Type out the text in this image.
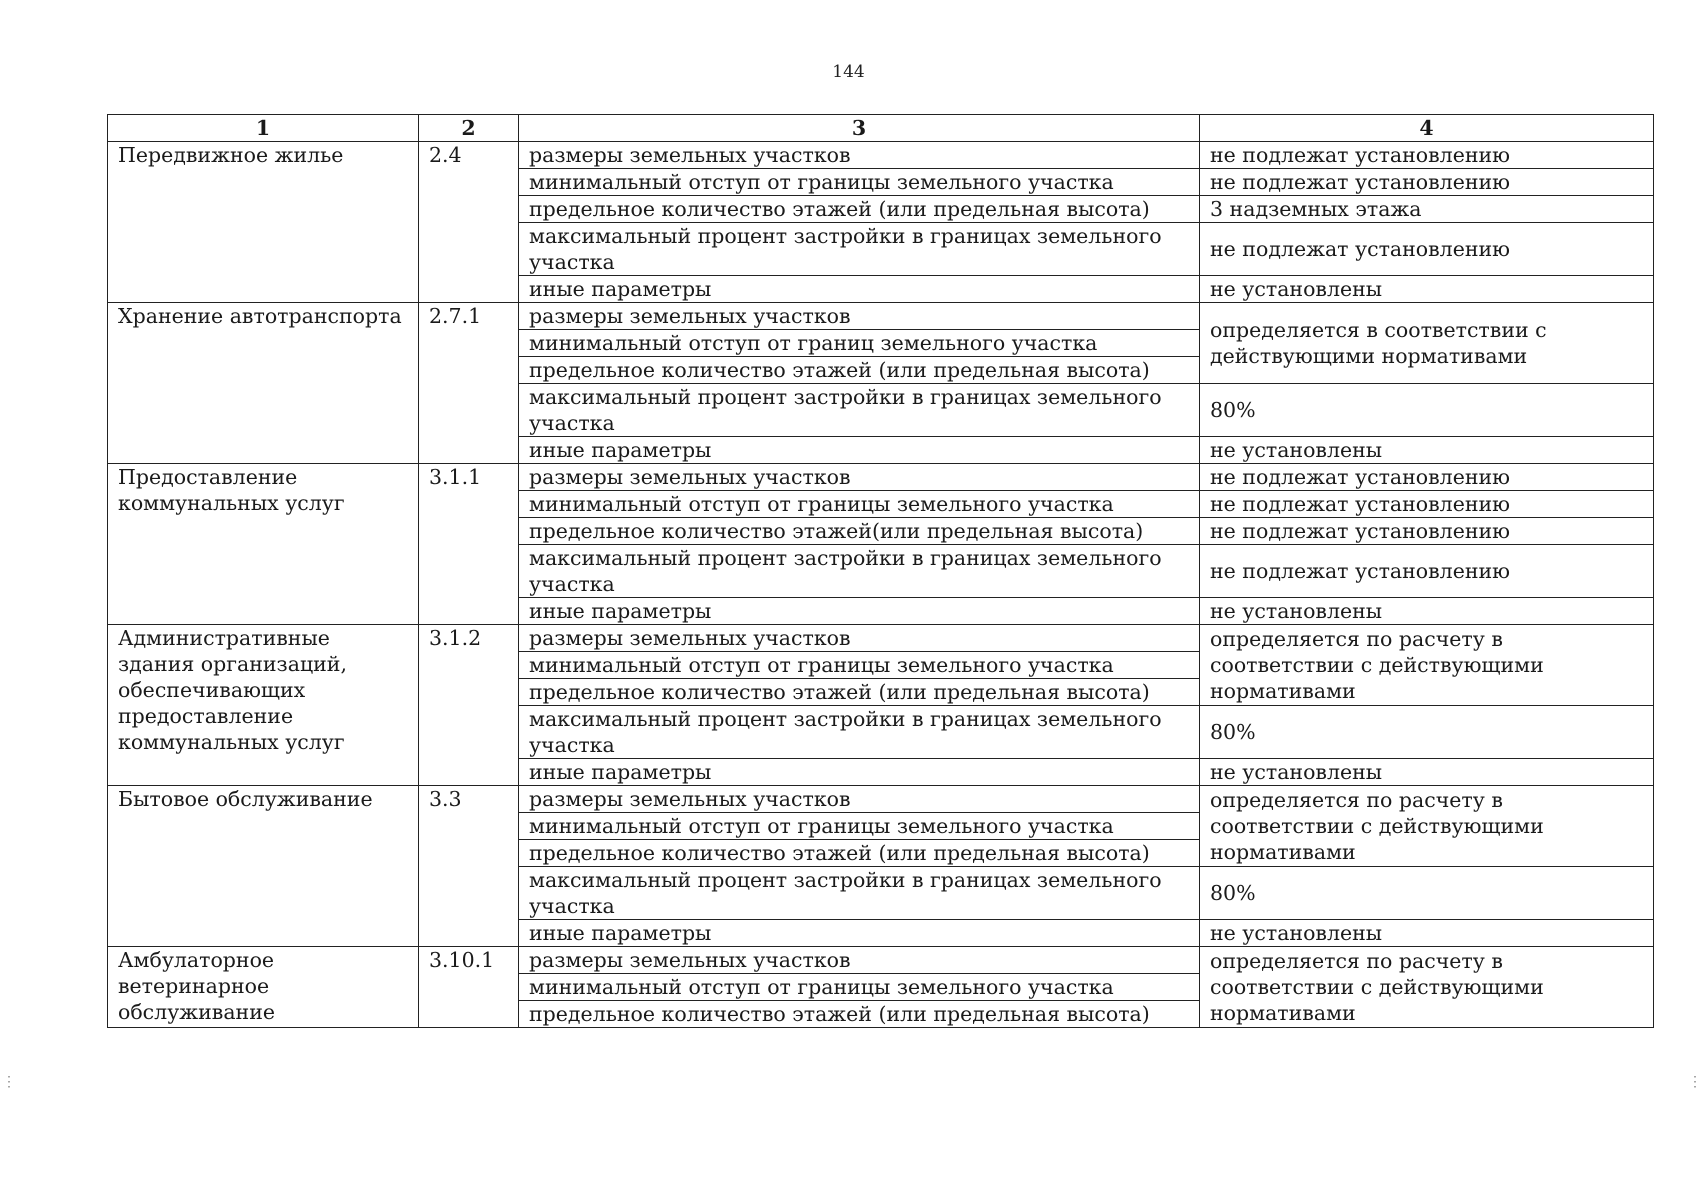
144
1	2	3	4
Передвижное жилье	2.4	размеры земельных участков	не подлежат установлению
		минимальный отступ от границы земельного участка	не подлежат установлению
		предельное количество этажей (или предельная высота)	3 надземных этажа
		максимальный процент застройки в границах земельного участка	не подлежат установлению
		иные параметры	не установлены
Хранение автотранспорта	2.7.1	размеры земельных участков	определяется в соответствии с действующими нормативами
		минимальный отступ от границ земельного участка	
		предельное количество этажей (или предельная высота)	
		максимальный процент застройки в границах земельного участка	80%
		иные параметры	не установлены
Предоставление коммунальных услуг	3.1.1	размеры земельных участков	не подлежат установлению
		минимальный отступ от границы земельного участка	не подлежат установлению
		предельное количество этажей(или предельная высота)	не подлежат установлению
		максимальный процент застройки в границах земельного участка	не подлежат установлению
		иные параметры	не установлены
Административные здания организаций, обеспечивающих предоставление коммунальных услуг	3.1.2	размеры земельных участков	определяется по расчету в соответствии с действующими нормативами
		минимальный отступ от границы земельного участка	
		предельное количество этажей (или предельная высота)	
		максимальный процент застройки в границах земельного участка	80%
		иные параметры	не установлены
Бытовое обслуживание	3.3	размеры земельных участков	определяется по расчету в соответствии с действующими нормативами
		минимальный отступ от границы земельного участка	
		предельное количество этажей (или предельная высота)	
		максимальный процент застройки в границах земельного участка	80%
		иные параметры	не установлены
Амбулаторное ветеринарное обслуживание	3.10.1	размеры земельных участков	определяется по расчету в соответствии с действующими нормативами
		минимальный отступ от границы земельного участка	
		предельное количество этажей (или предельная высота)	
⋮	⋮
